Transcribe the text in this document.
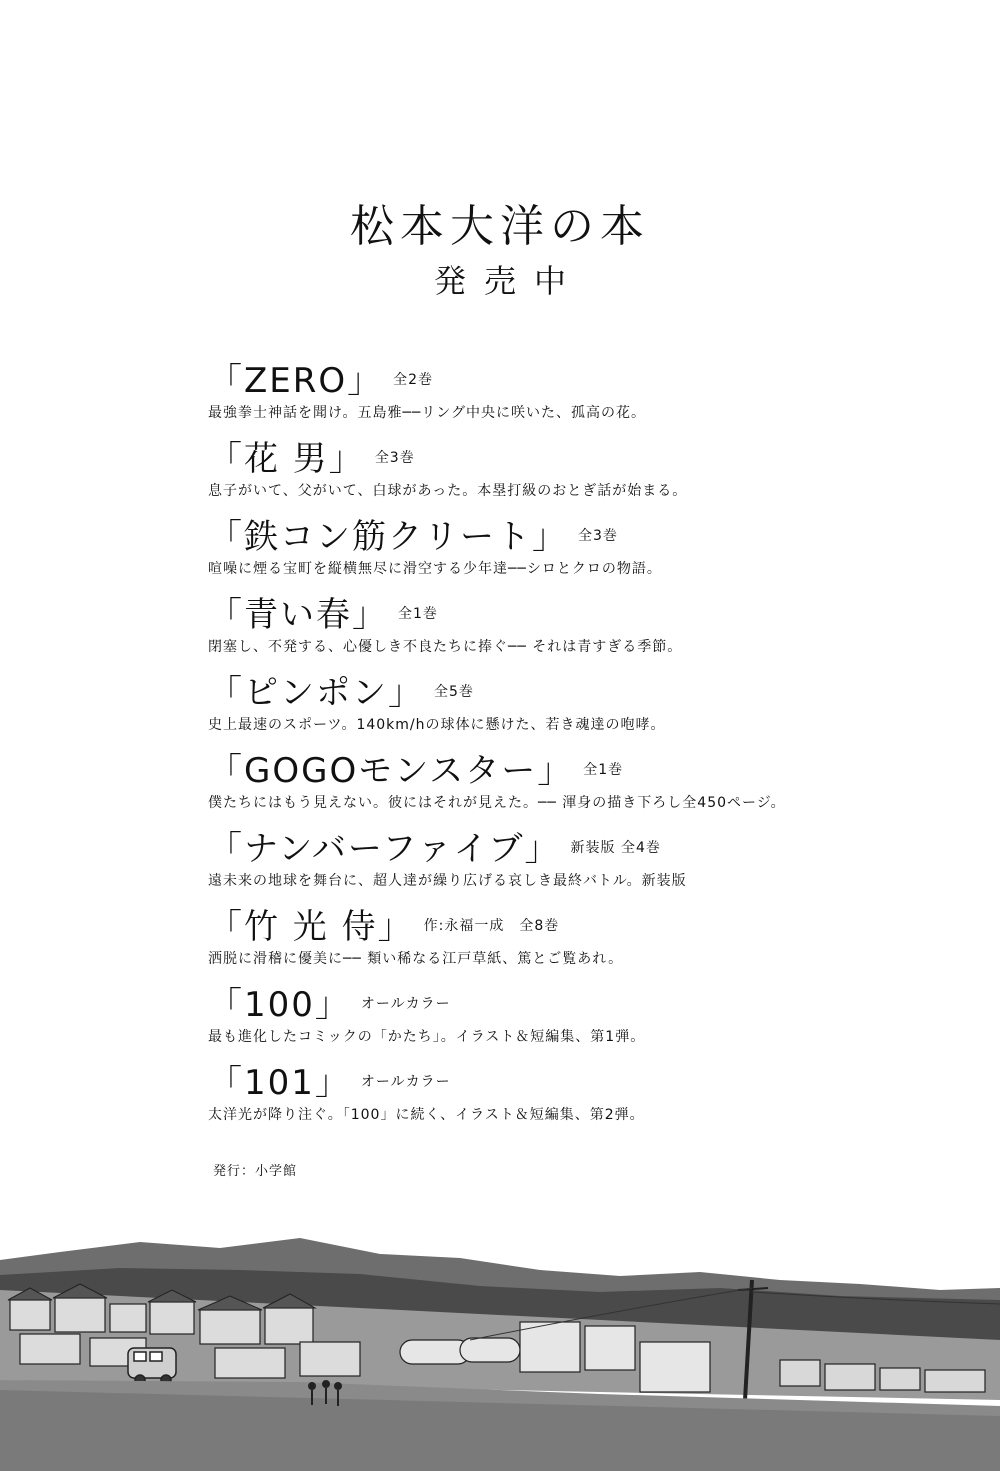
松本大洋の本
発売中
「ZERO」 $^{全2巻}$
最強拳士神話を聞け。五島雅──リング中央に咲いた、孤高の花。
「花 男」 $^{全3巻}$
息子がいて、父がいて、白球があった。本塁打級のおとぎ話が始まる。
「鉄コン筋クリート」 $^{全3巻}$
喧噪に煙る宝町を縦横無尽に滑空する少年達──シロとクロの物語。
「青い春」 $^{全1巻}$
閉塞し、不発する、心優しき不良たちに捧ぐ── それは青すぎる季節。
「ピンポン」 $^{全5巻}$
史上最速のスポーツ。140km/hの球体に懸けた、若き魂達の咆哮。
「GOGOモンスター」 $^{全1巻}$
僕たちにはもう見えない。彼にはそれが見えた。── 渾身の描き下ろし全450ページ。
「ナンバーファイブ」 $^{新装版 全4巻}$
遠未来の地球を舞台に、超人達が繰り広げる哀しき最終バトル。新装版
「竹 光 侍」 $^{作:永福一成 全8巻}$
洒脱に滑稽に優美に── 類い稀なる江戸草紙、篤とご覧あれ。
「100」 $^{オールカラー}$
最も進化したコミックの「かたち」。イラスト＆短編集、第1弾。
「101」 $^{オールカラー}$
太洋光が降り注ぐ。「100」に続く、イラスト＆短編集、第2弾。
発行：小学館
